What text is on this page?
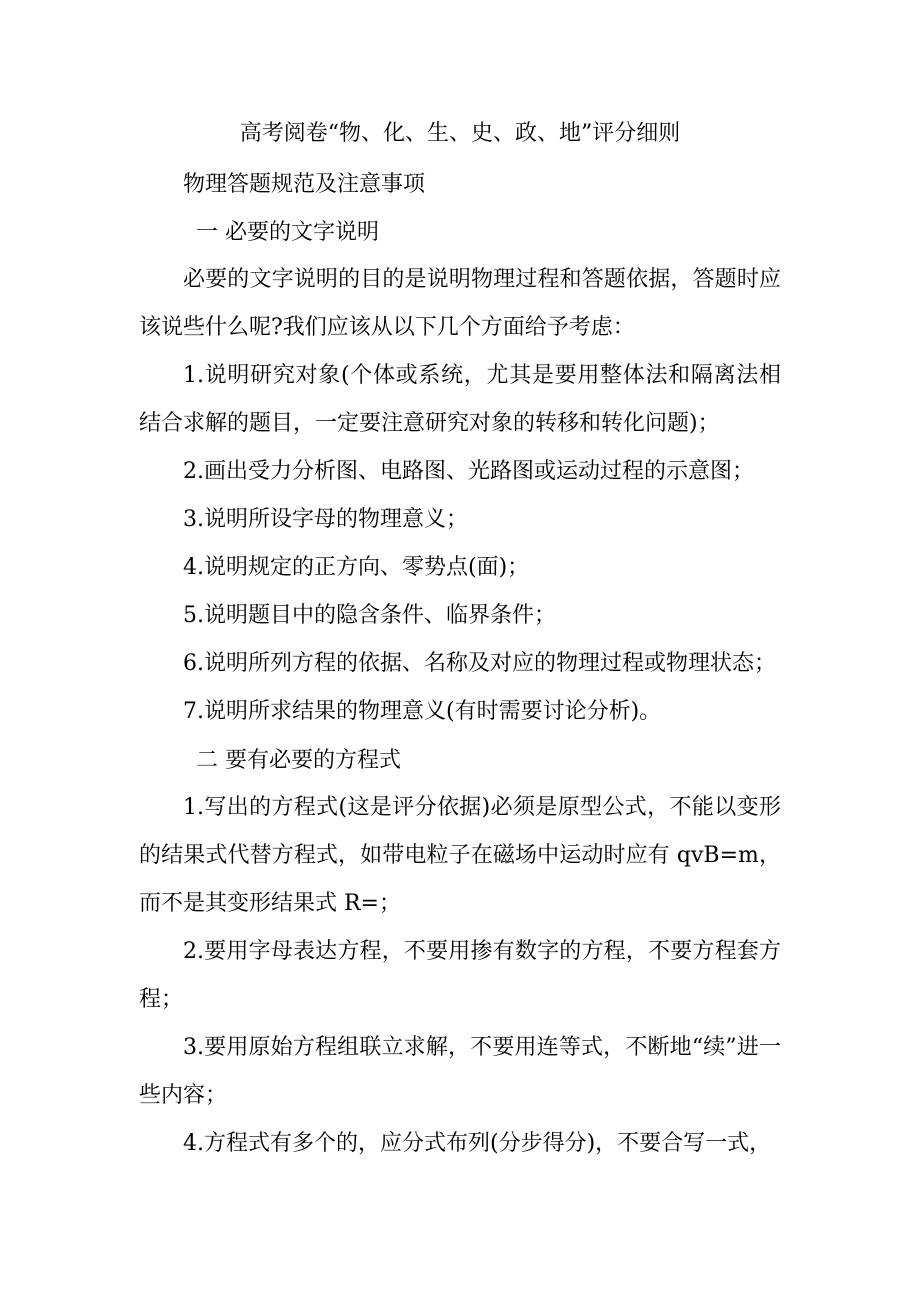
高考阅卷“物、化、生、史、政、地”评分细则
物理答题规范及注意事项
一 必要的文字说明
必要的文字说明的目的是说明物理过程和答题依据，答题时应该说些什么呢?我们应该从以下几个方面给予考虑：
1.说明研究对象(个体或系统，尤其是要用整体法和隔离法相结合求解的题目，一定要注意研究对象的转移和转化问题)；
2.画出受力分析图、电路图、光路图或运动过程的示意图；
3.说明所设字母的物理意义；
4.说明规定的正方向、零势点(面)；
5.说明题目中的隐含条件、临界条件；
6.说明所列方程的依据、名称及对应的物理过程或物理状态；
7.说明所求结果的物理意义(有时需要讨论分析)。
二 要有必要的方程式
1.写出的方程式(这是评分依据)必须是原型公式，不能以变形的结果式代替方程式，如带电粒子在磁场中运动时应有 qvB=m，而不是其变形结果式 R=；
2.要用字母表达方程，不要用掺有数字的方程，不要方程套方程；
3.要用原始方程组联立求解，不要用连等式，不断地“续”进一些内容；
4.方程式有多个的，应分式布列(分步得分)，不要合写一式，
